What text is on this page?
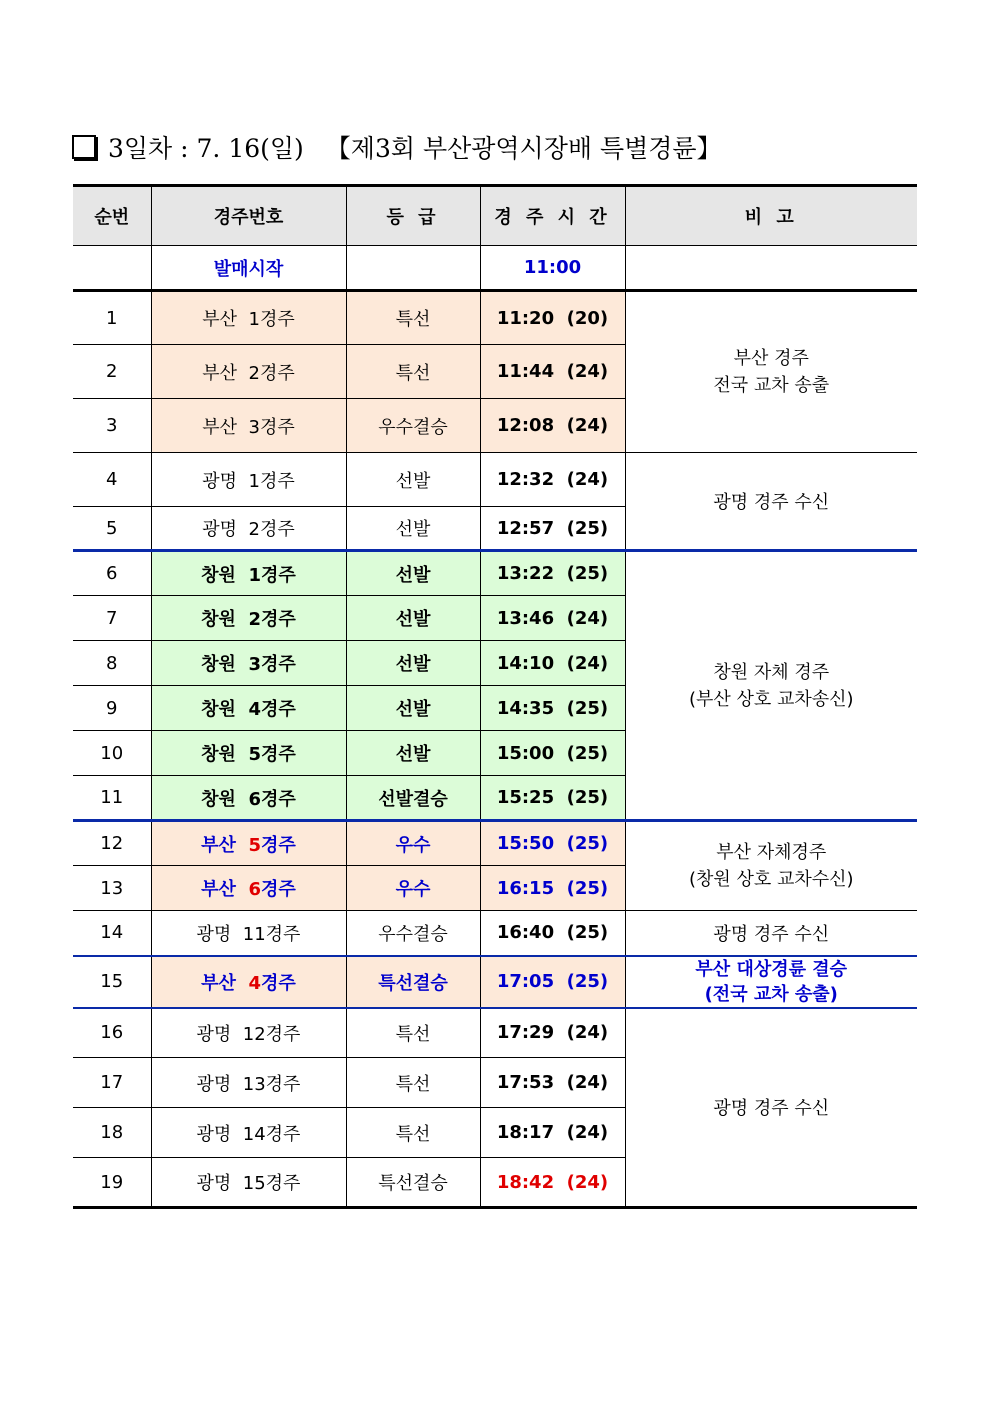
3일차 : 7. 16(일) 【제3회 부산광역시장배 특별경륜】
순번	경주번호	등 급	경 주 시 간	비 고
	발매시작		11:00	
1	부산 1경주	특선	11:20 (20)	부산 경주
전국 교차 송출
2	부산 2경주	특선	11:44 (24)	
3	부산 3경주	우수결승	12:08 (24)	
4	광명 1경주	선발	12:32 (24)	광명 경주 수신
5	광명 2경주	선발	12:57 (25)	
6	창원 1경주	선발	13:22 (25)	창원 자체 경주
(부산 상호 교차송신)
7	창원 2경주	선발	13:46 (24)	
8	창원 3경주	선발	14:10 (24)	
9	창원 4경주	선발	14:35 (25)	
10	창원 5경주	선발	15:00 (25)	
11	창원 6경주	선발결승	15:25 (25)	
12	부산 5경주	우수	15:50 (25)	부산 자체경주
(창원 상호 교차수신)
13	부산 6경주	우수	16:15 (25)	
14	광명 11경주	우수결승	16:40 (25)	광명 경주 수신
15	부산 4경주	특선결승	17:05 (25)	부산 대상경륜 결승
(전국 교차 송출)
16	광명 12경주	특선	17:29 (24)	광명 경주 수신
17	광명 13경주	특선	17:53 (24)	
18	광명 14경주	특선	18:17 (24)	
19	광명 15경주	특선결승	18:42 (24)	
